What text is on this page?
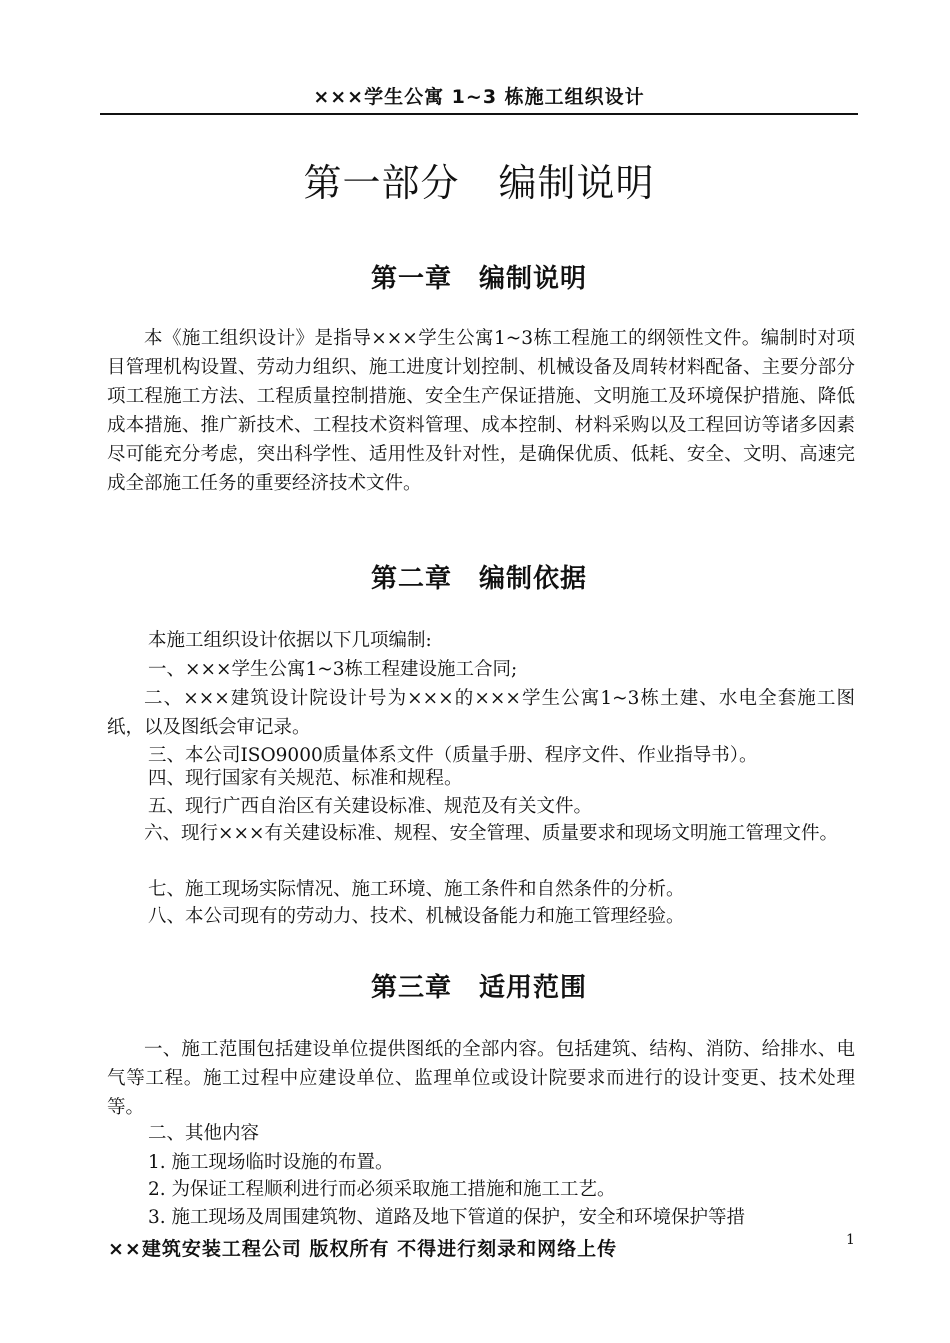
×××学生公寓 1~3 栋施工组织设计
第一部分　编制说明
第一章　编制说明

本《施工组织设计》是指导×××学生公寓1~3栋工程施工的纲领性文件。编制时对项目管理机构设置、劳动力组织、施工进度计划控制、机械设备及周转材料配备、主要分部分项工程施工方法、工程质量控制措施、安全生产保证措施、文明施工及环境保护措施、降低成本措施、推广新技术、工程技术资料管理、成本控制、材料采购以及工程回访等诸多因素尽可能充分考虑，突出科学性、适用性及针对性，是确保优质、低耗、安全、文明、高速完成全部施工任务的重要经济技术文件。

第二章　编制依据
本施工组织设计依据以下几项编制:
一、×××学生公寓1~3栋工程建设施工合同;

二、×××建筑设计院设计号为×××的×××学生公寓1~3栋土建、水电全套施工图纸，以及图纸会审记录。

三、本公司ISO9000质量体系文件（质量手册、程序文件、作业指导书）。
四、现行国家有关规范、标准和规程。
五、现行广西自治区有关建设标准、规范及有关文件。

六、现行×××有关建设标准、规程、安全管理、质量要求和现场文明施工管理文件。

七、施工现场实际情况、施工环境、施工条件和自然条件的分析。
八、本公司现有的劳动力、技术、机械设备能力和施工管理经验。
第三章　适用范围

一、施工范围包括建设单位提供图纸的全部内容。包括建筑、结构、消防、给排水、电气等工程。施工过程中应建设单位、监理单位或设计院要求而进行的设计变更、技术处理等。

二、其他内容
1. 施工现场临时设施的布置。
2. 为保证工程顺利进行而必须采取施工措施和施工工艺。
3. 施工现场及周围建筑物、道路及地下管道的保护，安全和环境保护等措
××建筑安装工程公司 版权所有 不得进行刻录和网络上传	1
